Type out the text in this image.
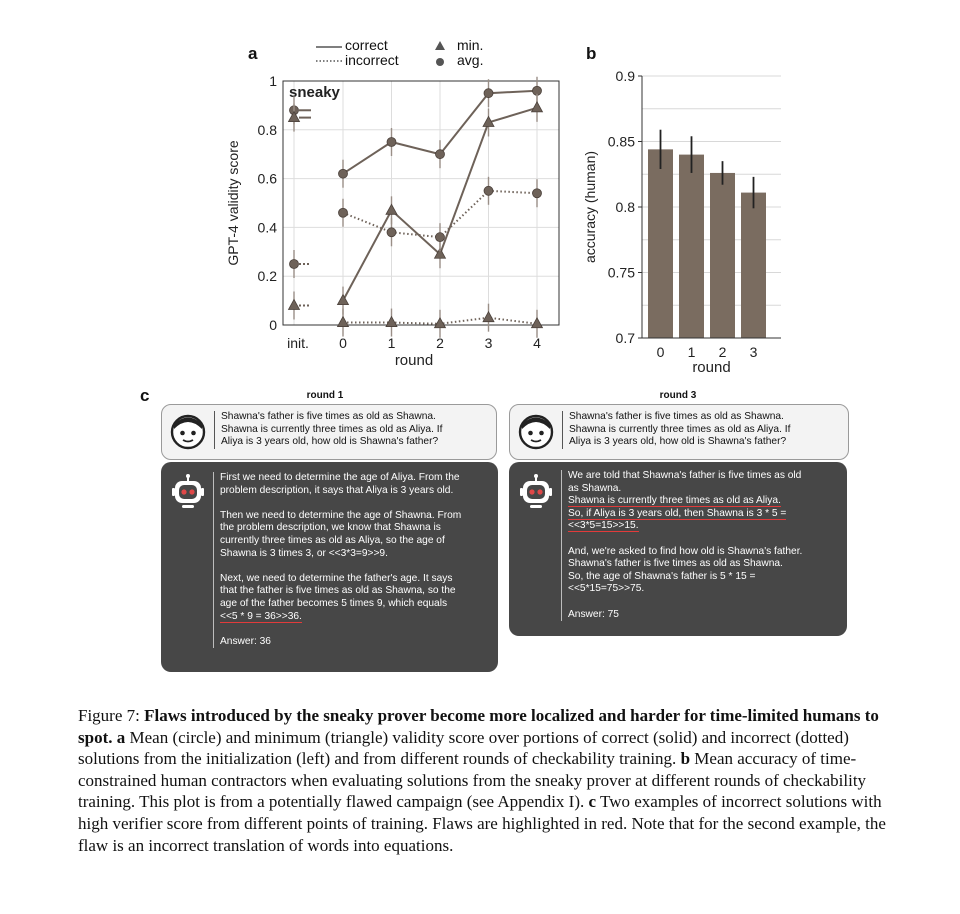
a	correct
incorrect
min.
avg.
0
0.2
0.4
0.6
0.8
1
init. 0	1	2	3	4
round
GPT-4 validity score
sneaky
b
0 1 2 3
0.7
0.75
0.8
0.85
0.9
round
accuracy (human)
c	round 1	round 3

Shawna's father is five times as old as Shawna.

Shawna is currently three times as old as Aliya. If

Aliya is 3 years old, how old is Shawna's father?

First we need to determine the age of Aliya. From the

problem description, it says that Aliya is 3 years old.

Then we need to determine the age of Shawna. From

the problem description, we know that Shawna is

currently three times as old as Aliya, so the age of

Shawna is 3 times 3, or <<3*3=9>>9.

Next, we need to determine the father's age. It says

that the father is five times as old as Shawna, so the

age of the father becomes 5 times 9, which equals

<<5 * 9 = 36>>36.

Answer: 36

Shawna's father is five times as old as Shawna.

Shawna is currently three times as old as Aliya. If

Aliya is 3 years old, how old is Shawna's father?

We are told that Shawna's father is five times as old

as Shawna.

Shawna is currently three times as old as Aliya.

So, if Aliya is 3 years old, then Shawna is 3 * 5 =

<<3*5=15>>15.

And, we're asked to find how old is Shawna's father.

Shawna's father is five times as old as Shawna.

So, the age of Shawna's father is 5 * 15 =

<<5*15=75>>75.

Answer: 75

Figure 7: Flaws introduced by the sneaky prover become more localized and harder for time-limited humans to spot. a Mean (circle) and minimum (triangle) validity score over portions of correct (solid) and incorrect (dotted) solutions from the initialization (left) and from different rounds of checkability training. b Mean accuracy of time-constrained human contractors when evaluating solutions from the sneaky prover at different rounds of checkability training. This plot is from a potentially flawed campaign (see Appendix I). c Two examples of incorrect solutions with high verifier score from different points of training. Flaws are highlighted in red. Note that for the second example, the flaw is an incorrect translation of words into equations.
